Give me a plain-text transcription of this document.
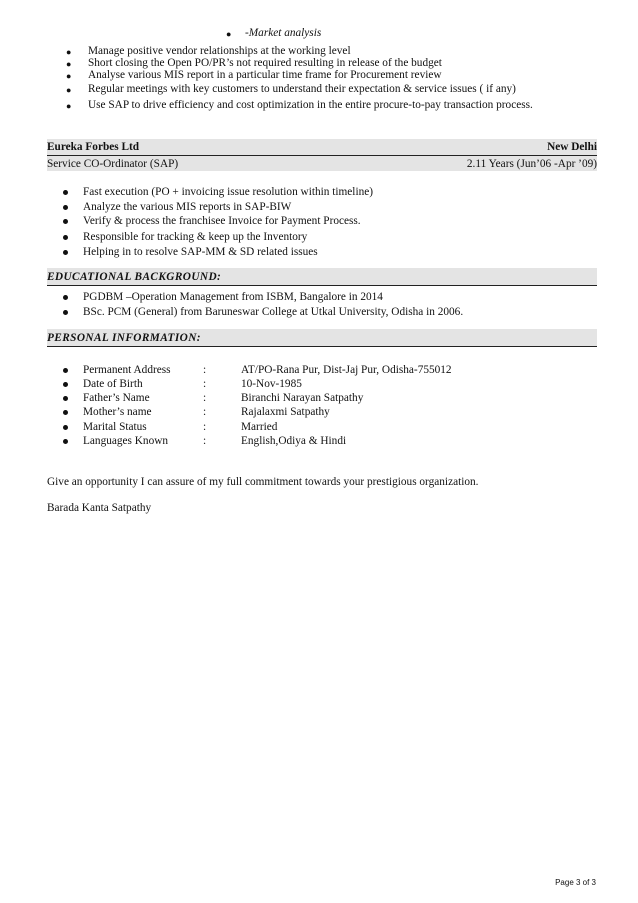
● -Market analysis
● Manage positive vendor relationships at the working level
● Short closing the Open PO/PR’s not required resulting in release of the budget
● Analyse various MIS report in a particular time frame for Procurement review
● Regular meetings with key customers to understand their expectation & service issues ( if any)
● Use SAP to drive efficiency and cost optimization in the entire procure-to-pay transaction process.
Eureka Forbes Ltd	New Delhi
Service CO-Ordinator (SAP)	2.11 Years (Jun’06 -Apr ’09)
Fast execution (PO + invoicing issue resolution within timeline)
Analyze the various MIS reports in SAP-BIW
Verify & process the franchisee Invoice for Payment Process.
Responsible for tracking & keep up the Inventory
Helping in to resolve SAP-MM & SD related issues
EDUCATIONAL BACKGROUND:
PGDBM –Operation Management from ISBM, Bangalore in 2014
BSc. PCM (General) from Baruneswar College at Utkal University, Odisha in 2006.
PERSONAL INFORMATION:
Permanent Address	:	AT/PO-Rana Pur, Dist-Jaj Pur, Odisha-755012
Date of Birth	:	10-Nov-1985
Father’s Name	:	Biranchi Narayan Satpathy
Mother’s name	:	Rajalaxmi Satpathy
Marital Status	:	Married
Languages Known	:	English,Odiya & Hindi
Give an opportunity I can assure of my full commitment towards your prestigious organization.
Barada Kanta Satpathy
Page 3 of 3
